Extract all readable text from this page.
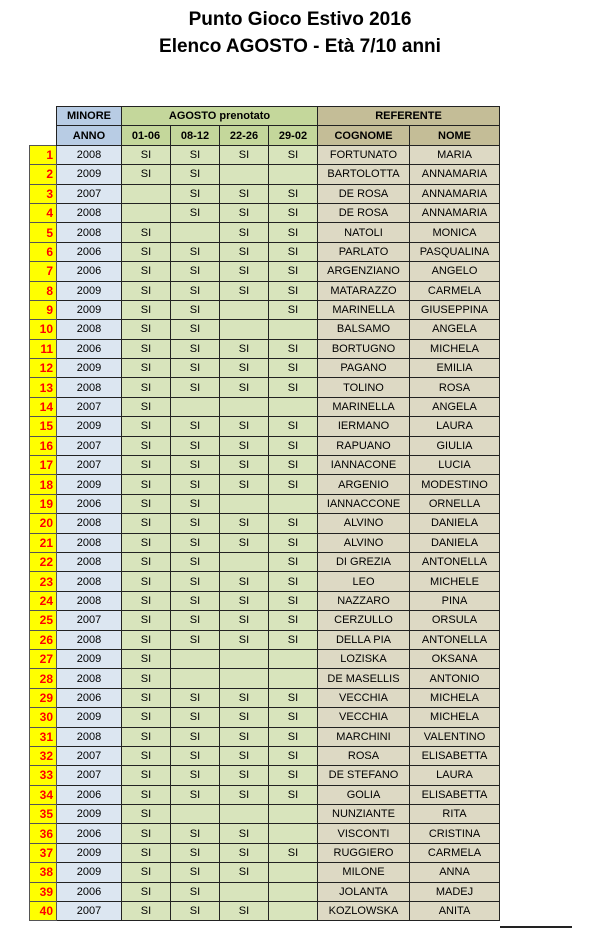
Punto Gioco Estivo 2016
Elenco AGOSTO - Età 7/10 anni
	MINORE	AGOSTO prenotato				REFERENTE	
	ANNO	01-06	08-12	22-26	29-02	COGNOME	NOME
1	2008	SI	SI	SI	SI	FORTUNATO	MARIA
2	2009	SI	SI			BARTOLOTTA	ANNAMARIA
3	2007		SI	SI	SI	DE ROSA	ANNAMARIA
4	2008		SI	SI	SI	DE ROSA	ANNAMARIA
5	2008	SI		SI	SI	NATOLI	MONICA
6	2006	SI	SI	SI	SI	PARLATO	PASQUALINA
7	2006	SI	SI	SI	SI	ARGENZIANO	ANGELO
8	2009	SI	SI	SI	SI	MATARAZZO	CARMELA
9	2009	SI	SI		SI	MARINELLA	GIUSEPPINA
10	2008	SI	SI			BALSAMO	ANGELA
11	2006	SI	SI	SI	SI	BORTUGNO	MICHELA
12	2009	SI	SI	SI	SI	PAGANO	EMILIA
13	2008	SI	SI	SI	SI	TOLINO	ROSA
14	2007	SI				MARINELLA	ANGELA
15	2009	SI	SI	SI	SI	IERMANO	LAURA
16	2007	SI	SI	SI	SI	RAPUANO	GIULIA
17	2007	SI	SI	SI	SI	IANNACONE	LUCIA
18	2009	SI	SI	SI	SI	ARGENIO	MODESTINO
19	2006	SI	SI			IANNACCONE	ORNELLA
20	2008	SI	SI	SI	SI	ALVINO	DANIELA
21	2008	SI	SI	SI	SI	ALVINO	DANIELA
22	2008	SI	SI		SI	DI GREZIA	ANTONELLA
23	2008	SI	SI	SI	SI	LEO	MICHELE
24	2008	SI	SI	SI	SI	NAZZARO	PINA
25	2007	SI	SI	SI	SI	CERZULLO	ORSULA
26	2008	SI	SI	SI	SI	DELLA PIA	ANTONELLA
27	2009	SI				LOZISKA	OKSANA
28	2008	SI				DE MASELLIS	ANTONIO
29	2006	SI	SI	SI	SI	VECCHIA	MICHELA
30	2009	SI	SI	SI	SI	VECCHIA	MICHELA
31	2008	SI	SI	SI	SI	MARCHINI	VALENTINO
32	2007	SI	SI	SI	SI	ROSA	ELISABETTA
33	2007	SI	SI	SI	SI	DE STEFANO	LAURA
34	2006	SI	SI	SI	SI	GOLIA	ELISABETTA
35	2009	SI				NUNZIANTE	RITA
36	2006	SI	SI	SI		VISCONTI	CRISTINA
37	2009	SI	SI	SI	SI	RUGGIERO	CARMELA
38	2009	SI	SI	SI		MILONE	ANNA
39	2006	SI	SI			JOLANTA	MADEJ
40	2007	SI	SI	SI		KOZLOWSKA	ANITA
